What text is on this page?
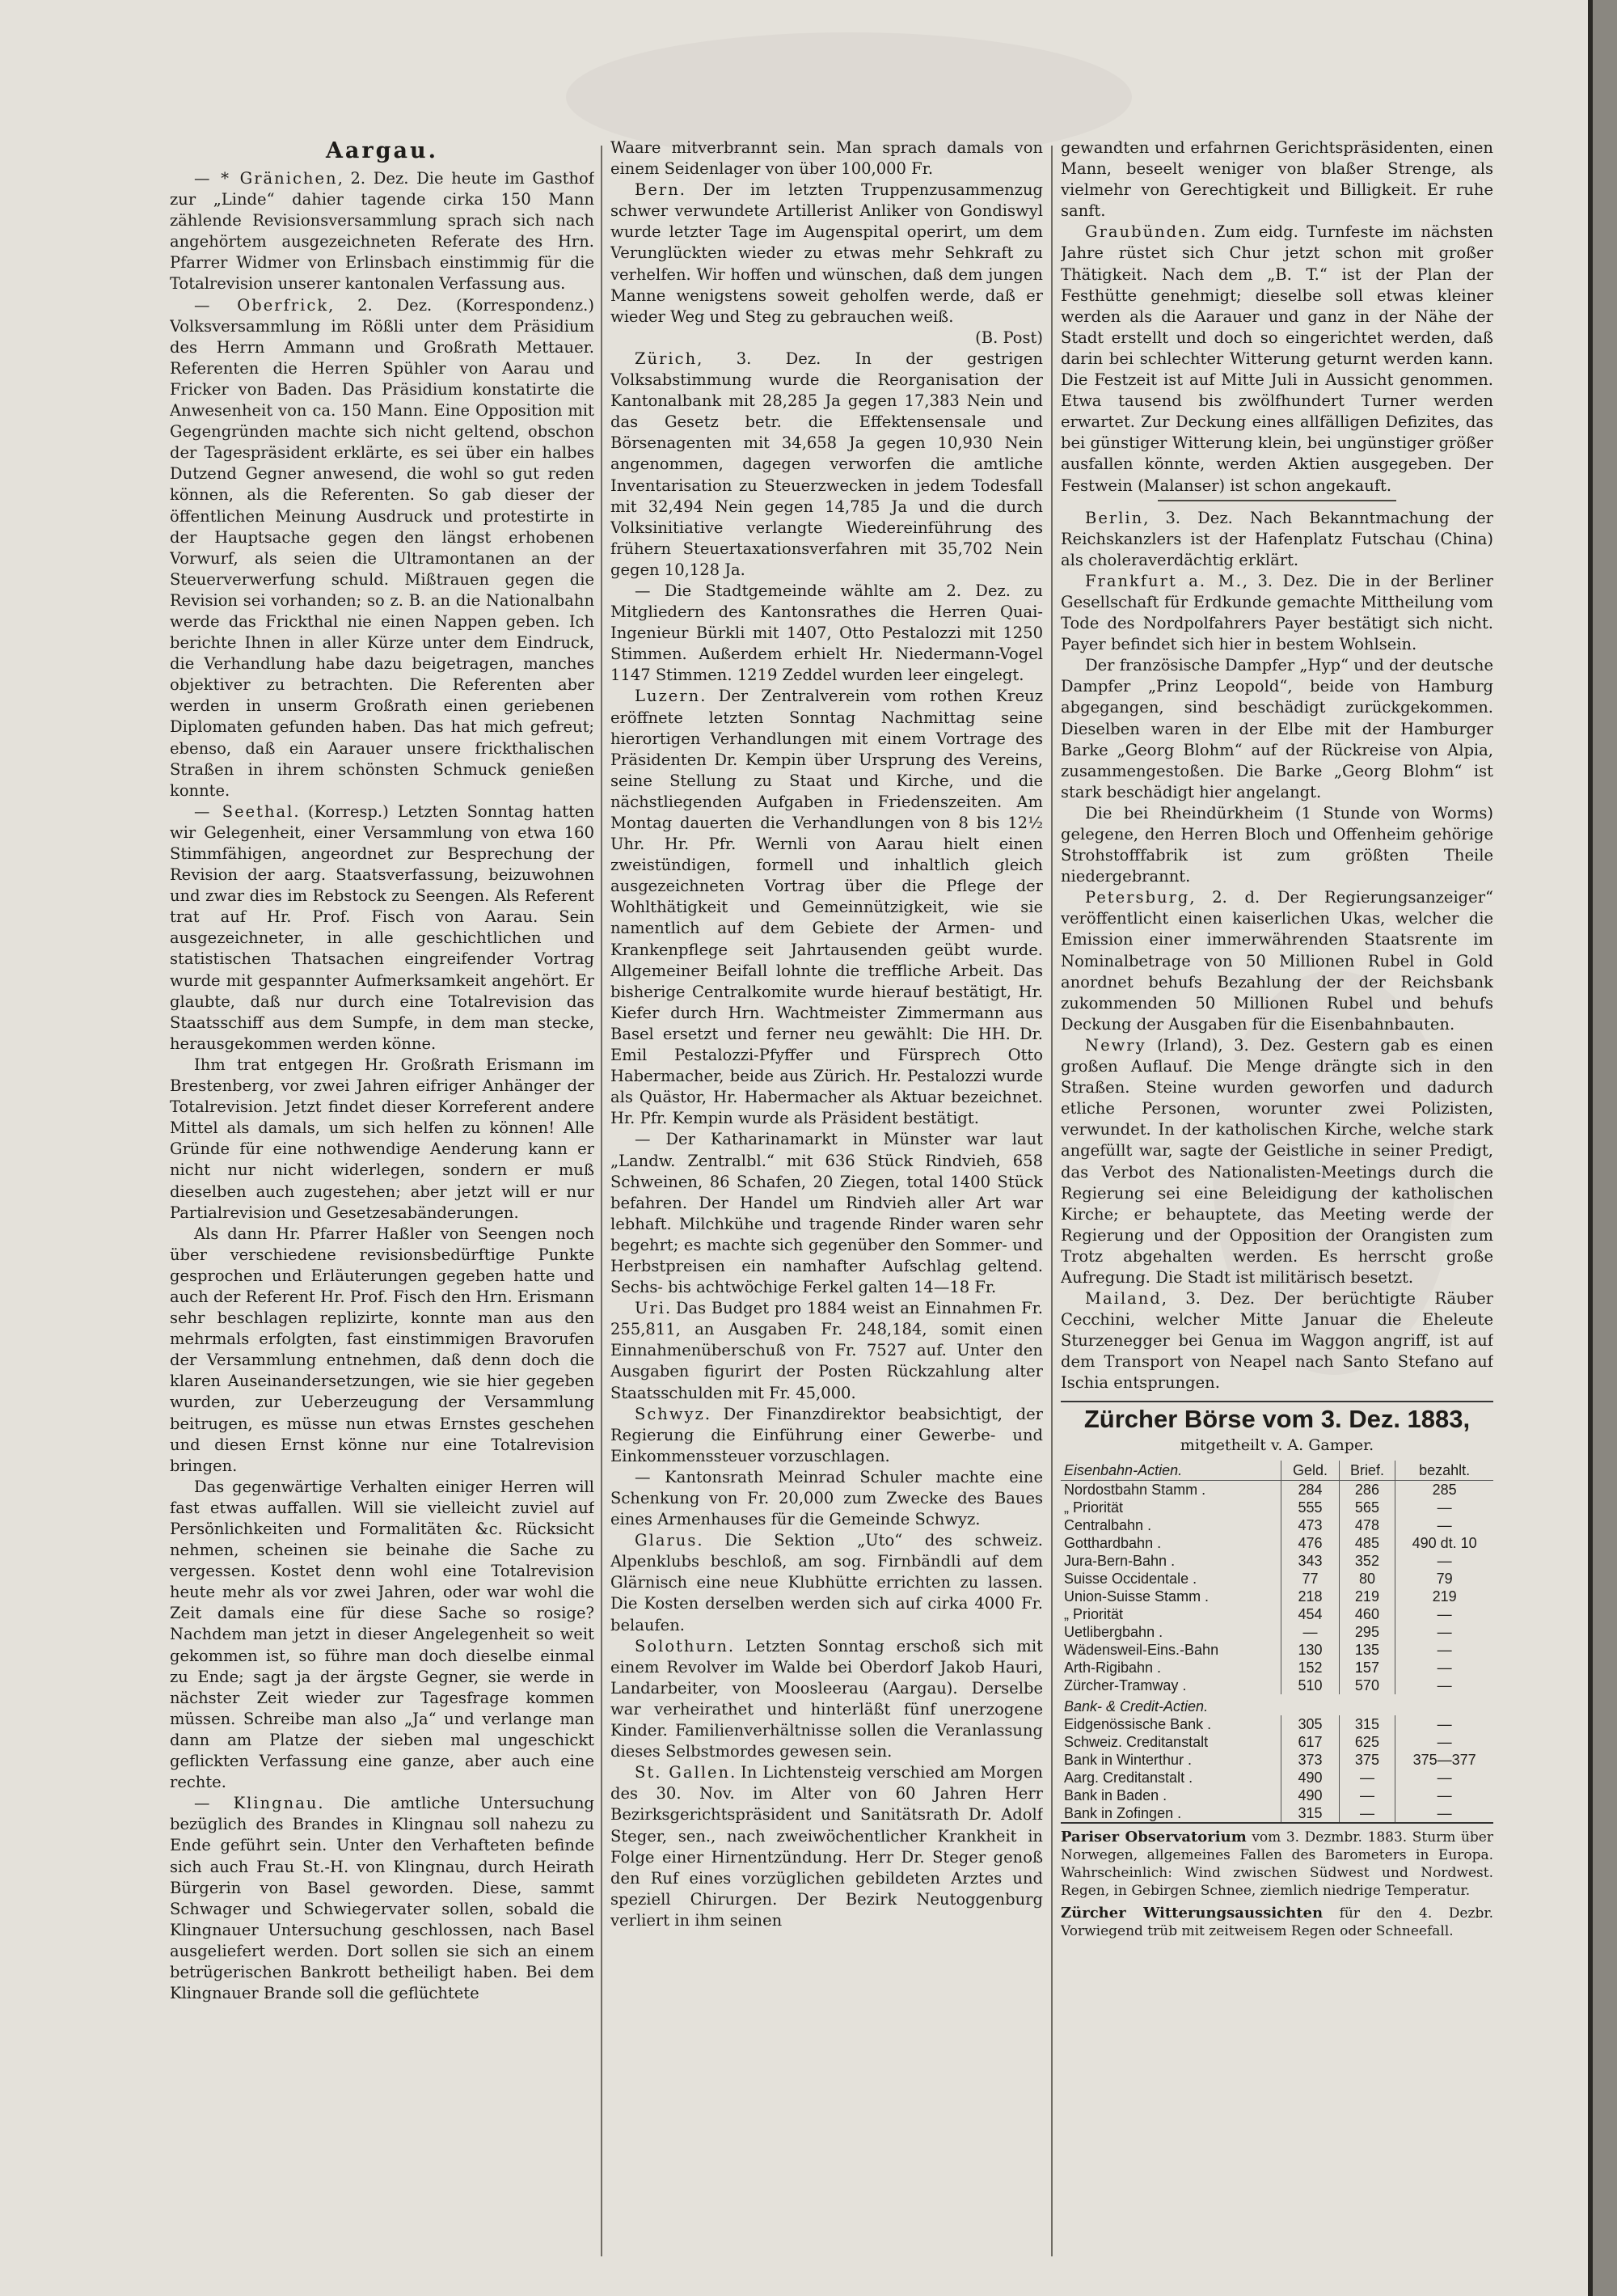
Aargau.

— * Gränichen, 2. Dez. Die heute im Gasthof zur „Linde“ dahier tagende cirka 150 Mann zählende Revisionsversammlung sprach sich nach angehörtem ausgezeichneten Referate des Hrn. Pfarrer Widmer von Erlinsbach einstimmig für die Totalrevision unserer kantonalen Verfassung aus.

— Oberfrick, 2. Dez. (Korrespondenz.) Volksversammlung im Rößli unter dem Präsidium des Herrn Ammann und Großrath Mettauer. Referenten die Herren Spühler von Aarau und Fricker von Baden. Das Präsidium konstatirte die Anwesenheit von ca. 150 Mann. Eine Opposition mit Gegengründen machte sich nicht geltend, obschon der Tagespräsident erklärte, es sei über ein halbes Dutzend Gegner anwesend, die wohl so gut reden können, als die Referenten. So gab dieser der öffentlichen Meinung Ausdruck und protestirte in der Hauptsache gegen den längst erhobenen Vorwurf, als seien die Ultramontanen an der Steuerverwerfung schuld. Mißtrauen gegen die Revision sei vorhanden; so z. B. an die Nationalbahn werde das Frickthal nie einen Nappen geben. Ich berichte Ihnen in aller Kürze unter dem Eindruck, die Verhandlung habe dazu beigetragen, manches objektiver zu betrachten. Die Referenten aber werden in unserm Großrath einen geriebenen Diplomaten gefunden haben. Das hat mich gefreut; ebenso, daß ein Aarauer unsere frickthalischen Straßen in ihrem schönsten Schmuck genießen konnte.

— Seethal. (Korresp.) Letzten Sonntag hatten wir Gelegenheit, einer Versammlung von etwa 160 Stimmfähigen, angeordnet zur Besprechung der Revision der aarg. Staatsverfassung, beizuwohnen und zwar dies im Rebstock zu Seengen. Als Referent trat auf Hr. Prof. Fisch von Aarau. Sein ausgezeichneter, in alle geschichtlichen und statistischen Thatsachen eingreifender Vortrag wurde mit gespannter Aufmerksamkeit angehört. Er glaubte, daß nur durch eine Totalrevision das Staatsschiff aus dem Sumpfe, in dem man stecke, herausgekommen werden könne.

Ihm trat entgegen Hr. Großrath Erismann im Brestenberg, vor zwei Jahren eifriger Anhänger der Totalrevision. Jetzt findet dieser Korreferent andere Mittel als damals, um sich helfen zu können! Alle Gründe für eine nothwendige Aenderung kann er nicht nur nicht widerlegen, sondern er muß dieselben auch zugestehen; aber jetzt will er nur Partialrevision und Gesetzesabänderungen.

Als dann Hr. Pfarrer Haßler von Seengen noch über verschiedene revisionsbedürftige Punkte gesprochen und Erläuterungen gegeben hatte und auch der Referent Hr. Prof. Fisch den Hrn. Erismann sehr beschlagen replizirte, konnte man aus den mehrmals erfolgten, fast einstimmigen Bravorufen der Versammlung entnehmen, daß denn doch die klaren Auseinandersetzungen, wie sie hier gegeben wurden, zur Ueberzeugung der Versammlung beitrugen, es müsse nun etwas Ernstes geschehen und diesen Ernst könne nur eine Totalrevision bringen.

Das gegenwärtige Verhalten einiger Herren will fast etwas auffallen. Will sie vielleicht zuviel auf Persönlichkeiten und Formalitäten &c. Rücksicht nehmen, scheinen sie beinahe die Sache zu vergessen. Kostet denn wohl eine Totalrevision heute mehr als vor zwei Jahren, oder war wohl die Zeit damals eine für diese Sache so rosige? Nachdem man jetzt in dieser Angelegenheit so weit gekommen ist, so führe man doch dieselbe einmal zu Ende; sagt ja der ärgste Gegner, sie werde in nächster Zeit wieder zur Tagesfrage kommen müssen. Schreibe man also „Ja“ und verlange man dann am Platze der sieben mal ungeschickt geflickten Verfassung eine ganze, aber auch eine rechte.

— Klingnau. Die amtliche Untersuchung bezüglich des Brandes in Klingnau soll nahezu zu Ende geführt sein. Unter den Verhafteten befinde sich auch Frau St.-H. von Klingnau, durch Heirath Bürgerin von Basel geworden. Diese, sammt Schwager und Schwiegervater sollen, sobald die Klingnauer Untersuchung geschlossen, nach Basel ausgeliefert werden. Dort sollen sie sich an einem betrügerischen Bankrott betheiligt haben. Bei dem Klingnauer Brande soll die geflüchtete

Waare mitverbrannt sein. Man sprach damals von einem Seidenlager von über 100,000 Fr.

Bern. Der im letzten Truppenzusammenzug schwer verwundete Artillerist Anliker von Gondiswyl wurde letzter Tage im Augenspital operirt, um dem Verunglückten wieder zu etwas mehr Sehkraft zu verhelfen. Wir hoffen und wünschen, daß dem jungen Manne wenigstens soweit geholfen werde, daß er wieder Weg und Steg zu gebrauchen weiß.
(B. Post)

Zürich, 3. Dez. In der gestrigen Volksabstimmung wurde die Reorganisation der Kantonalbank mit 28,285 Ja gegen 17,383 Nein und das Gesetz betr. die Effektensensale und Börsenagenten mit 34,658 Ja gegen 10,930 Nein angenommen, dagegen verworfen die amtliche Inventarisation zu Steuerzwecken in jedem Todesfall mit 32,494 Nein gegen 14,785 Ja und die durch Volksinitiative verlangte Wiedereinführung des frühern Steuertaxationsverfahren mit 35,702 Nein gegen 10,128 Ja.

— Die Stadtgemeinde wählte am 2. Dez. zu Mitgliedern des Kantonsrathes die Herren Quai-Ingenieur Bürkli mit 1407, Otto Pestalozzi mit 1250 Stimmen. Außerdem erhielt Hr. Niedermann-Vogel 1147 Stimmen. 1219 Zeddel wurden leer eingelegt.

Luzern. Der Zentralverein vom rothen Kreuz eröffnete letzten Sonntag Nachmittag seine hierortigen Verhandlungen mit einem Vortrage des Präsidenten Dr. Kempin über Ursprung des Vereins, seine Stellung zu Staat und Kirche, und die nächstliegenden Aufgaben in Friedenszeiten. Am Montag dauerten die Verhandlungen von 8 bis 12½ Uhr. Hr. Pfr. Wernli von Aarau hielt einen zweistündigen, formell und inhaltlich gleich ausgezeichneten Vortrag über die Pflege der Wohlthätigkeit und Gemeinnützigkeit, wie sie namentlich auf dem Gebiete der Armen- und Krankenpflege seit Jahrtausenden geübt wurde. Allgemeiner Beifall lohnte die treffliche Arbeit. Das bisherige Centralkomite wurde hierauf bestätigt, Hr. Kiefer durch Hrn. Wachtmeister Zimmermann aus Basel ersetzt und ferner neu gewählt: Die HH. Dr. Emil Pestalozzi-Pfyffer und Fürsprech Otto Habermacher, beide aus Zürich. Hr. Pestalozzi wurde als Quästor, Hr. Habermacher als Aktuar bezeichnet. Hr. Pfr. Kempin wurde als Präsident bestätigt.

— Der Katharinamarkt in Münster war laut „Landw. Zentralbl.“ mit 636 Stück Rindvieh, 658 Schweinen, 86 Schafen, 20 Ziegen, total 1400 Stück befahren. Der Handel um Rindvieh aller Art war lebhaft. Milchkühe und tragende Rinder waren sehr begehrt; es machte sich gegenüber den Sommer- und Herbstpreisen ein namhafter Aufschlag geltend. Sechs- bis achtwöchige Ferkel galten 14—18 Fr.

Uri. Das Budget pro 1884 weist an Einnahmen Fr. 255,811, an Ausgaben Fr. 248,184, somit einen Einnahmenüberschuß von Fr. 7527 auf. Unter den Ausgaben figurirt der Posten Rückzahlung alter Staatsschulden mit Fr. 45,000.

Schwyz. Der Finanzdirektor beabsichtigt, der Regierung die Einführung einer Gewerbe- und Einkommenssteuer vorzuschlagen.

— Kantonsrath Meinrad Schuler machte eine Schenkung von Fr. 20,000 zum Zwecke des Baues eines Armenhauses für die Gemeinde Schwyz.

Glarus. Die Sektion „Uto“ des schweiz. Alpenklubs beschloß, am sog. Firnbändli auf dem Glärnisch eine neue Klubhütte errichten zu lassen. Die Kosten derselben werden sich auf cirka 4000 Fr. belaufen.

Solothurn. Letzten Sonntag erschoß sich mit einem Revolver im Walde bei Oberdorf Jakob Hauri, Landarbeiter, von Moosleerau (Aargau). Derselbe war verheirathet und hinterläßt fünf unerzogene Kinder. Familienverhältnisse sollen die Veranlassung dieses Selbstmordes gewesen sein.

St. Gallen. In Lichtensteig verschied am Morgen des 30. Nov. im Alter von 60 Jahren Herr Bezirksgerichtspräsident und Sanitätsrath Dr. Adolf Steger, sen., nach zweiwöchentlicher Krankheit in Folge einer Hirnentzündung. Herr Dr. Steger genoß den Ruf eines vorzüglichen gebildeten Arztes und speziell Chirurgen. Der Bezirk Neutoggenburg verliert in ihm seinen

gewandten und erfahrnen Gerichtspräsidenten, einen Mann, beseelt weniger von blaßer Strenge, als vielmehr von Gerechtigkeit und Billigkeit. Er ruhe sanft.

Graubünden. Zum eidg. Turnfeste im nächsten Jahre rüstet sich Chur jetzt schon mit großer Thätigkeit. Nach dem „B. T.“ ist der Plan der Festhütte genehmigt; dieselbe soll etwas kleiner werden als die Aarauer und ganz in der Nähe der Stadt erstellt und doch so eingerichtet werden, daß darin bei schlechter Witterung geturnt werden kann. Die Festzeit ist auf Mitte Juli in Aussicht genommen. Etwa tausend bis zwölfhundert Turner werden erwartet. Zur Deckung eines allfälligen Defizites, das bei günstiger Witterung klein, bei ungünstiger größer ausfallen könnte, werden Aktien ausgegeben. Der Festwein (Malanser) ist schon angekauft.

Berlin, 3. Dez. Nach Bekanntmachung der Reichskanzlers ist der Hafenplatz Futschau (China) als choleraverdächtig erklärt.

Frankfurt a. M., 3. Dez. Die in der Berliner Gesellschaft für Erdkunde gemachte Mittheilung vom Tode des Nordpolfahrers Payer bestätigt sich nicht. Payer befindet sich hier in bestem Wohlsein.

Der französische Dampfer „Hyp“ und der deutsche Dampfer „Prinz Leopold“, beide von Hamburg abgegangen, sind beschädigt zurückgekommen. Dieselben waren in der Elbe mit der Hamburger Barke „Georg Blohm“ auf der Rückreise von Alpia, zusammengestoßen. Die Barke „Georg Blohm“ ist stark beschädigt hier angelangt.

Die bei Rheindürkheim (1 Stunde von Worms) gelegene, den Herren Bloch und Offenheim gehörige Strohstofffabrik ist zum größten Theile niedergebrannt.

Petersburg, 2. d. Der Regierungsanzeiger“ veröffentlicht einen kaiserlichen Ukas, welcher die Emission einer immerwährenden Staatsrente im Nominalbetrage von 50 Millionen Rubel in Gold anordnet behufs Bezahlung der der Reichsbank zukommenden 50 Millionen Rubel und behufs Deckung der Ausgaben für die Eisenbahnbauten.

Newry (Irland), 3. Dez. Gestern gab es einen großen Auflauf. Die Menge drängte sich in den Straßen. Steine wurden geworfen und dadurch etliche Personen, worunter zwei Polizisten, verwundet. In der katholischen Kirche, welche stark angefüllt war, sagte der Geistliche in seiner Predigt, das Verbot des Nationalisten-Meetings durch die Regierung sei eine Beleidigung der katholischen Kirche; er behauptete, das Meeting werde der Regierung und der Opposition der Orangisten zum Trotz abgehalten werden. Es herrscht große Aufregung. Die Stadt ist militärisch besetzt.

Mailand, 3. Dez. Der berüchtigte Räuber Cecchini, welcher Mitte Januar die Eheleute Sturzenegger bei Genua im Waggon angriff, ist auf dem Transport von Neapel nach Santo Stefano auf Ischia entsprungen.

Zürcher Börse vom 3. Dez. 1883,
mitgetheilt v. A. Gamper.
Eisenbahn-Actien.	Geld.	Brief.	bezahlt.
Nordostbahn Stamm .	284	286	285
„ Priorität	555	565	—
Centralbahn .	473	478	—
Gotthardbahn .	476	485	490 dt. 10
Jura-Bern-Bahn .	343	352	—
Suisse Occidentale .	77	80	79
Union-Suisse Stamm .	218	219	219
„ Priorität	454	460	—
Uetlibergbahn .	—	295	—
Wädensweil-Eins.-Bahn	130	135	—
Arth-Rigibahn .	152	157	—
Zürcher-Tramway .	510	570	—
Bank- & Credit-Actien.			
Eidgenössische Bank .	305	315	—
Schweiz. Creditanstalt	617	625	—
Bank in Winterthur .	373	375	375—377
Aarg. Creditanstalt .	490	—	—
Bank in Baden .	490	—	—
Bank in Zofingen .	315	—	—
Pariser Observatorium vom 3. Dezmbr. 1883. Sturm über Norwegen, allgemeines Fallen des Barometers in Europa. Wahrscheinlich: Wind zwischen Südwest und Nordwest. Regen, in Gebirgen Schnee, ziemlich niedrige Temperatur.
Zürcher Witterungsaussichten für den 4. Dezbr. Vorwiegend trüb mit zeitweisem Regen oder Schneefall.
